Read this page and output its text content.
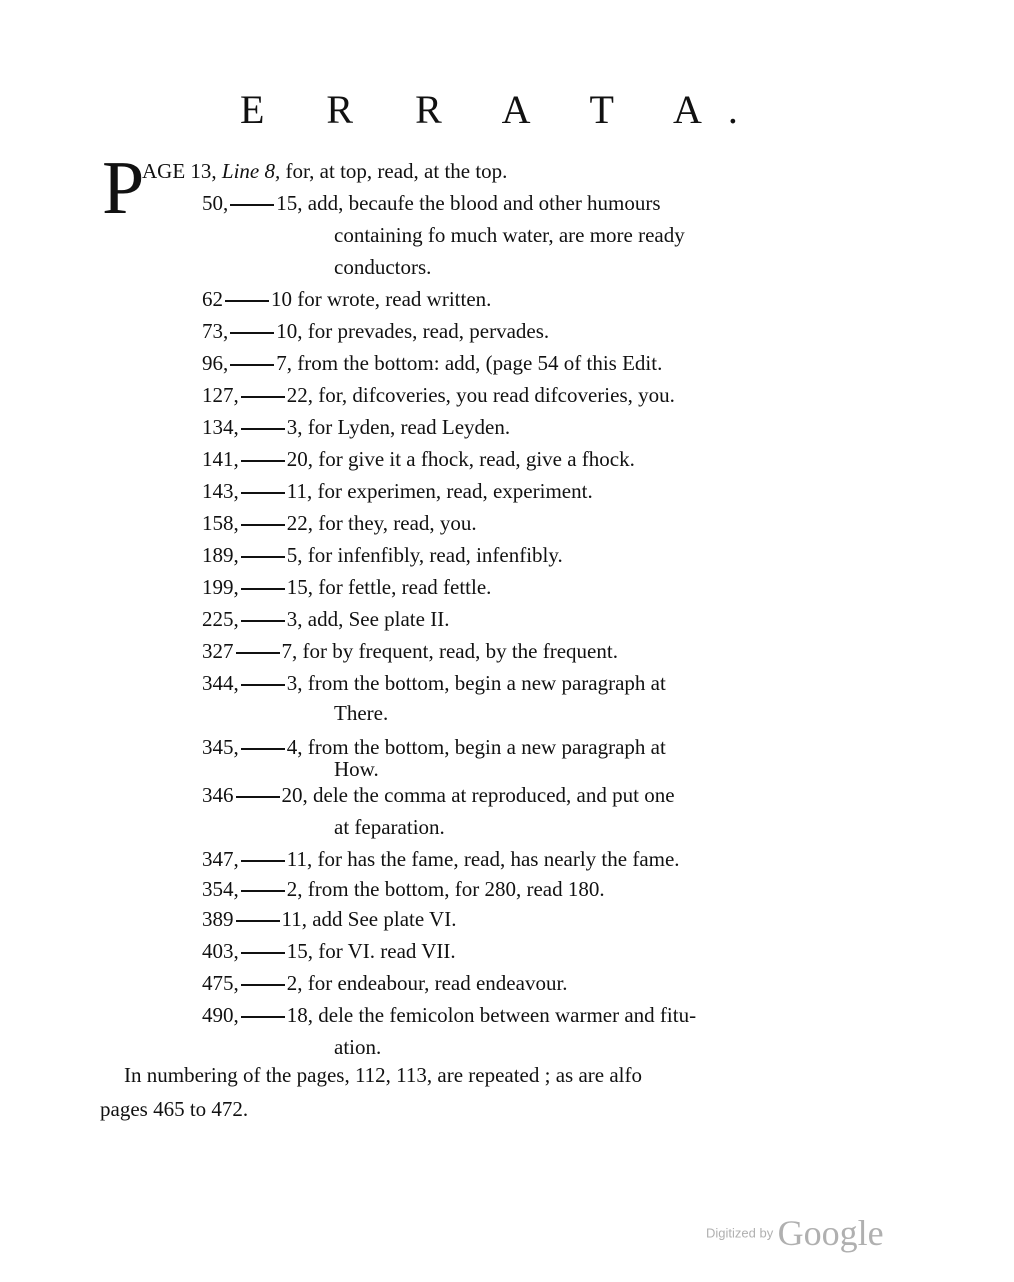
E R R A T A.
P
AGE 13, Line 8, for, at top, read, at the top.
50, 15, add, becaufe the blood and other humours
containing fo much water, are more ready
conductors.
62 10 for wrote, read written.
73, 10, for prevades, read, pervades.
96, 7, from the bottom: add, (page 54 of this Edit.
127, 22, for, difcoveries, you read difcoveries, you.
134, 3, for Lyden, read Leyden.
141, 20, for give it a fhock, read, give a fhock.
143, 11, for experimen, read, experiment.
158, 22, for they, read, you.
189, 5, for infenfibly, read, infenfibly.
199, 15, for fettle, read fettle.
225, 3, add, See plate II.
327 7, for by frequent, read, by the frequent.
344, 3, from the bottom, begin a new paragraph at
There.
345, 4, from the bottom, begin a new paragraph at
How.
346 20, dele the comma at reproduced, and put one
at feparation.
347, 11, for has the fame, read, has nearly the fame.
354, 2, from the bottom, for 280, read 180.
389 11, add See plate VI.
403, 15, for VI. read VII.
475, 2, for endeabour, read endeavour.
490, 18, dele the femicolon between warmer and fitu-
ation.
In numbering of the pages, 112, 113, are repeated ; as are alfo
pages 465 to 472.
Digitized by Google
